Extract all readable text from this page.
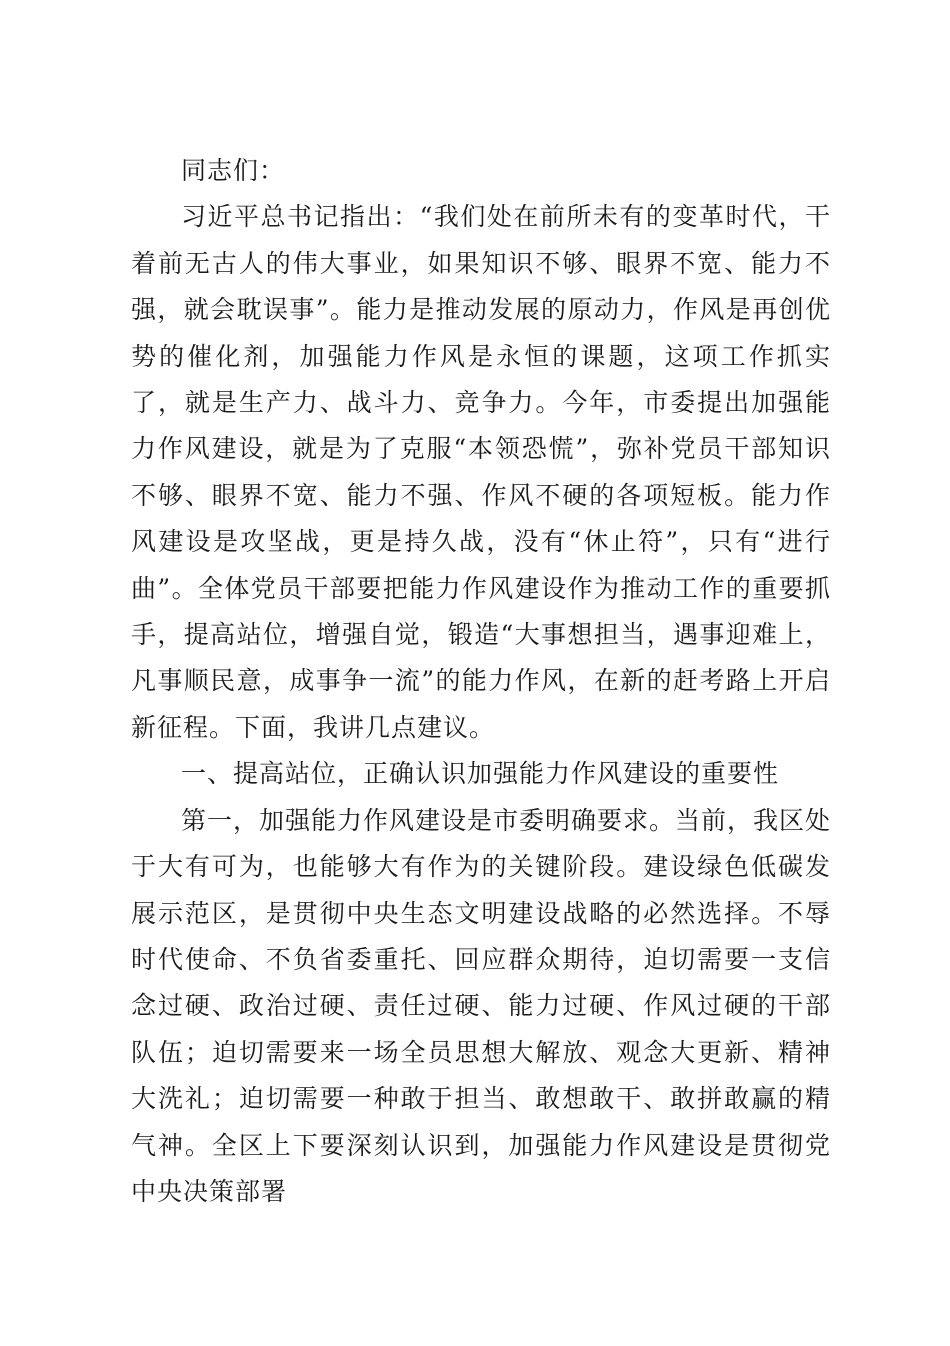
同志们：

习近平总书记指出：“我们处在前所未有的变革时代，干着前无古人的伟大事业，如果知识不够、眼界不宽、能力不强，就会耽误事”。能力是推动发展的原动力，作风是再创优势的催化剂，加强能力作风是永恒的课题，这项工作抓实了，就是生产力、战斗力、竞争力。今年，市委提出加强能力作风建设，就是为了克服“本领恐慌”，弥补党员干部知识不够、眼界不宽、能力不强、作风不硬的各项短板。能力作风建设是攻坚战，更是持久战，没有“休止符”，只有“进行曲”。全体党员干部要把能力作风建设作为推动工作的重要抓手，提高站位，增强自觉，锻造“大事想担当，遇事迎难上，凡事顺民意，成事争一流”的能力作风，在新的赶考路上开启新征程。下面，我讲几点建议。

一、提高站位，正确认识加强能力作风建设的重要性

第一，加强能力作风建设是市委明确要求。当前，我区处于大有可为，也能够大有作为的关键阶段。建设绿色低碳发展示范区，是贯彻中央生态文明建设战略的必然选择。不辱时代使命、不负省委重托、回应群众期待，迫切需要一支信念过硬、政治过硬、责任过硬、能力过硬、作风过硬的干部队伍；迫切需要来一场全员思想大解放、观念大更新、精神大洗礼；迫切需要一种敢于担当、敢想敢干、敢拼敢赢的精气神。全区上下要深刻认识到，加强能力作风建设是贯彻党中央决策部署
